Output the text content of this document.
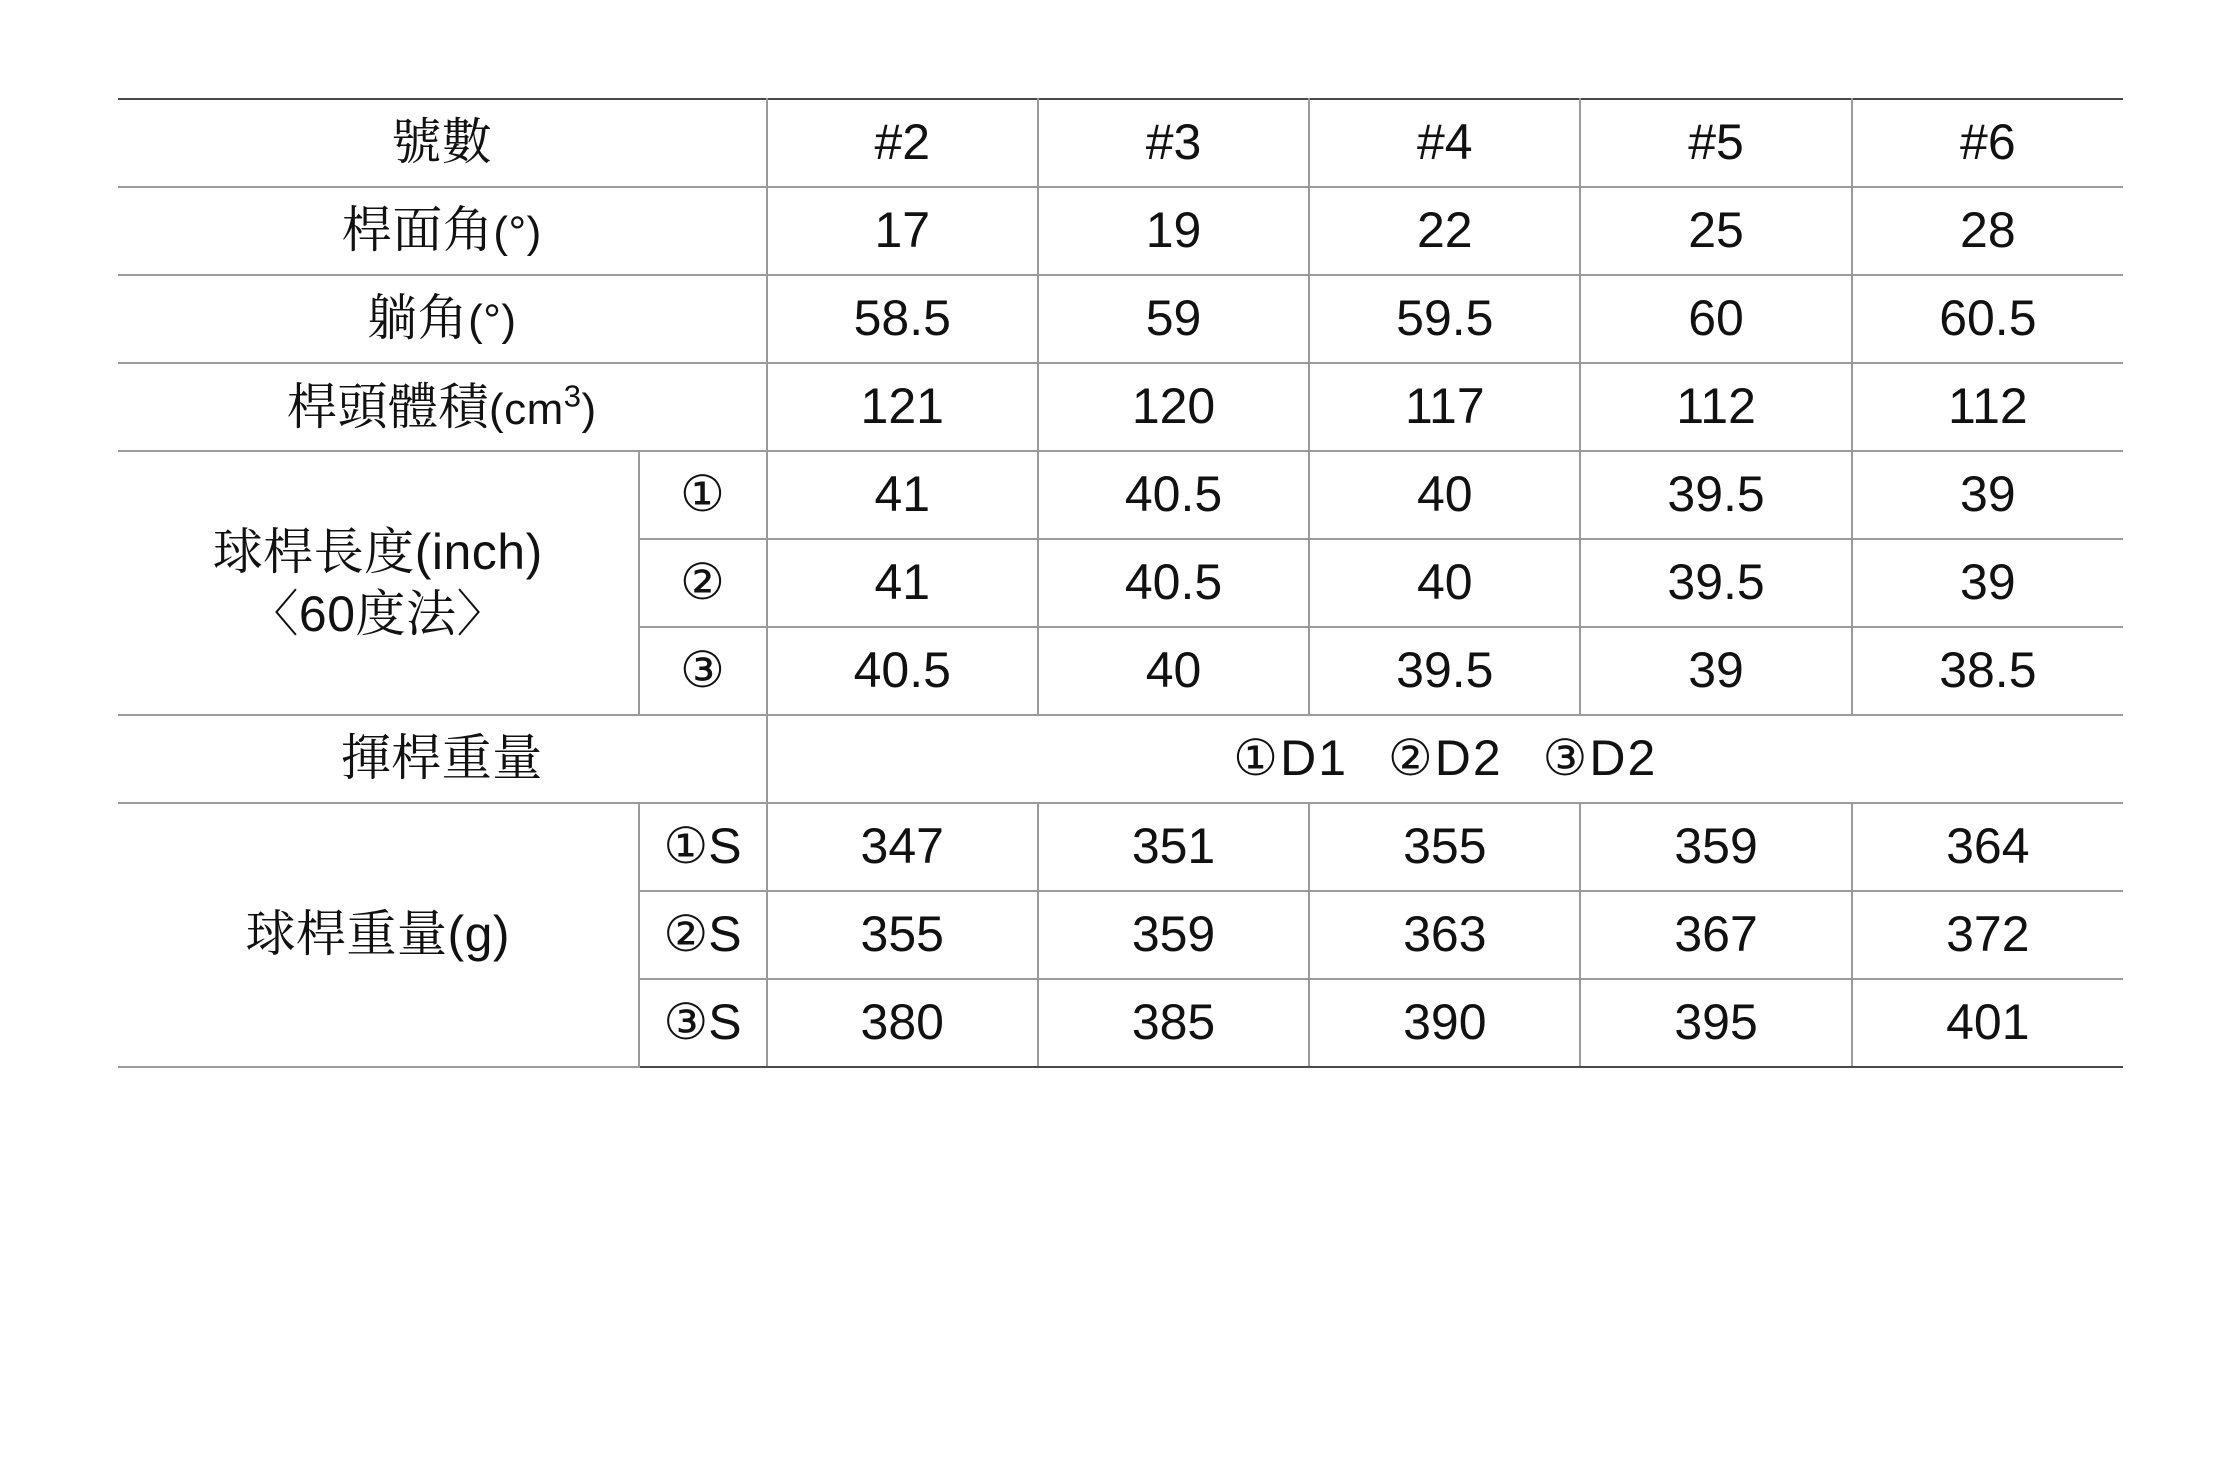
號數		#2	#3	#4	#5	#6
桿面角(°)		17	19	22	25	28
躺角(°)		58.5	59	59.5	60	60.5
桿頭體積$(cm^3)$		121	120	117	112	112

球桿長度(inch)
〈60度法〉	①	41	40.5	40	39.5	39
	②	41	40.5	40	39.5	39
	③	40.5	40	39.5	39	38.5
揮桿重量		①D1 ②D2 ③D2				
球桿重量(g)	①S	347	351	355	359	364
	②S	355	359	363	367	372
	③S	380	385	390	395	401
